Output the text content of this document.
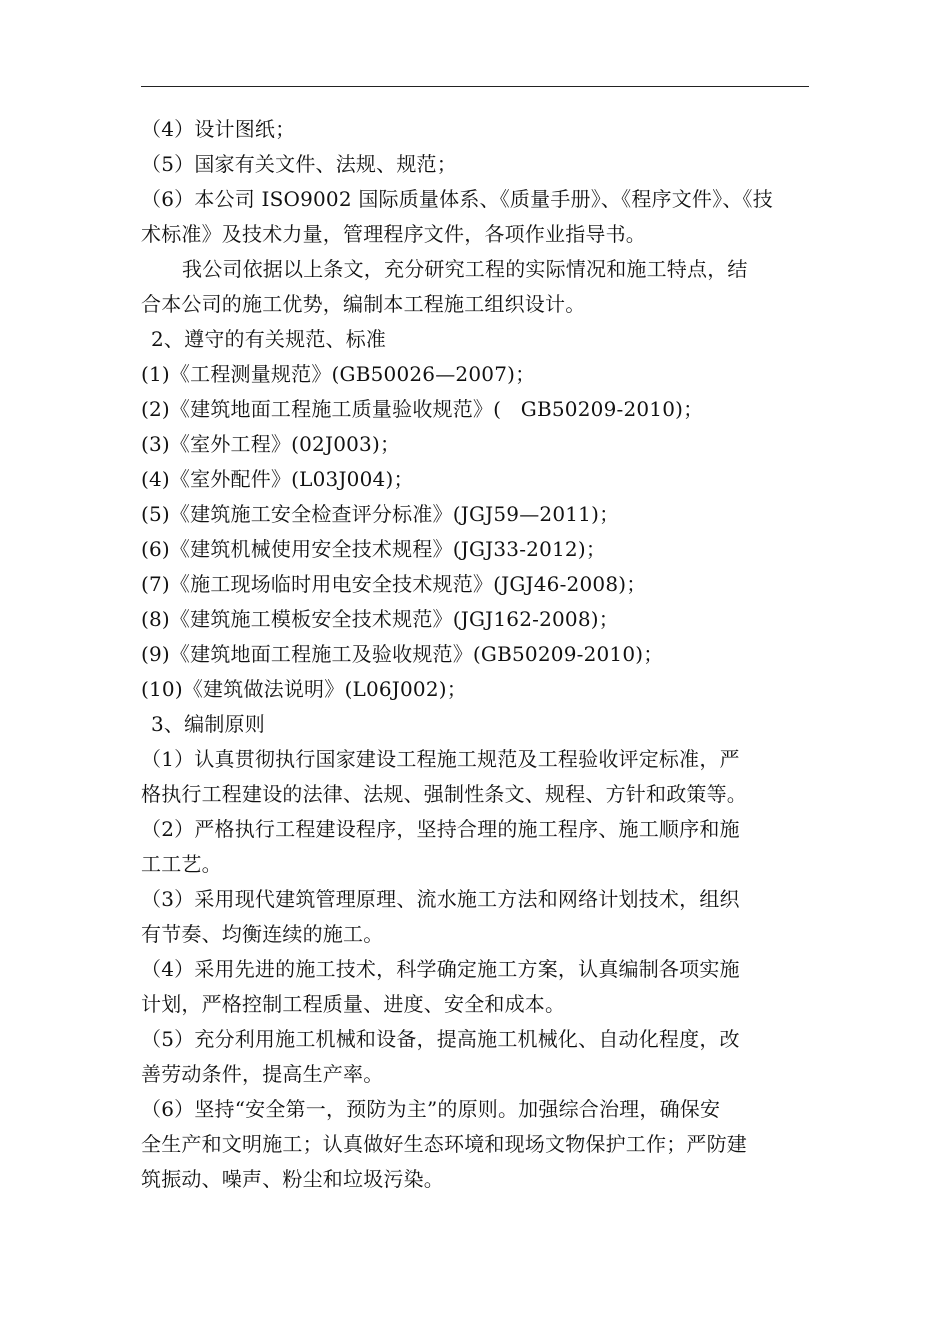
（4）设计图纸；
（5）国家有关文件、法规、规范；
（6）本公司 ISO9002 国际质量体系、《质量手册》、《程序文件》、《技
术标准》及技术力量，管理程序文件，各项作业指导书。
我公司依据以上条文，充分研究工程的实际情况和施工特点，结
合本公司的施工优势，编制本工程施工组织设计。
2、遵守的有关规范、标准
(1)《工程测量规范》(GB50026—2007)；
(2)《建筑地面工程施工质量验收规范》(   GB50209-2010)；
(3)《室外工程》(02J003)；
(4)《室外配件》(L03J004)；
(5)《建筑施工安全检查评分标准》(JGJ59—2011)；
(6)《建筑机械使用安全技术规程》(JGJ33-2012)；
(7)《施工现场临时用电安全技术规范》(JGJ46-2008)；
(8)《建筑施工模板安全技术规范》(JGJ162-2008)；
(9)《建筑地面工程施工及验收规范》(GB50209-2010)；
(10)《建筑做法说明》(L06J002)；
3、编制原则
（1）认真贯彻执行国家建设工程施工规范及工程验收评定标准，严
格执行工程建设的法律、法规、强制性条文、规程、方针和政策等。
（2）严格执行工程建设程序，坚持合理的施工程序、施工顺序和施
工工艺。
（3）采用现代建筑管理原理、流水施工方法和网络计划技术，组织
有节奏、均衡连续的施工。
（4）采用先进的施工技术，科学确定施工方案，认真编制各项实施
计划，严格控制工程质量、进度、安全和成本。
（5）充分利用施工机械和设备，提高施工机械化、自动化程度，改
善劳动条件，提高生产率。
（6）坚持“安全第一，预防为主”的原则。加强综合治理，确保安
全生产和文明施工；认真做好生态环境和现场文物保护工作；严防建
筑振动、噪声、粉尘和垃圾污染。
